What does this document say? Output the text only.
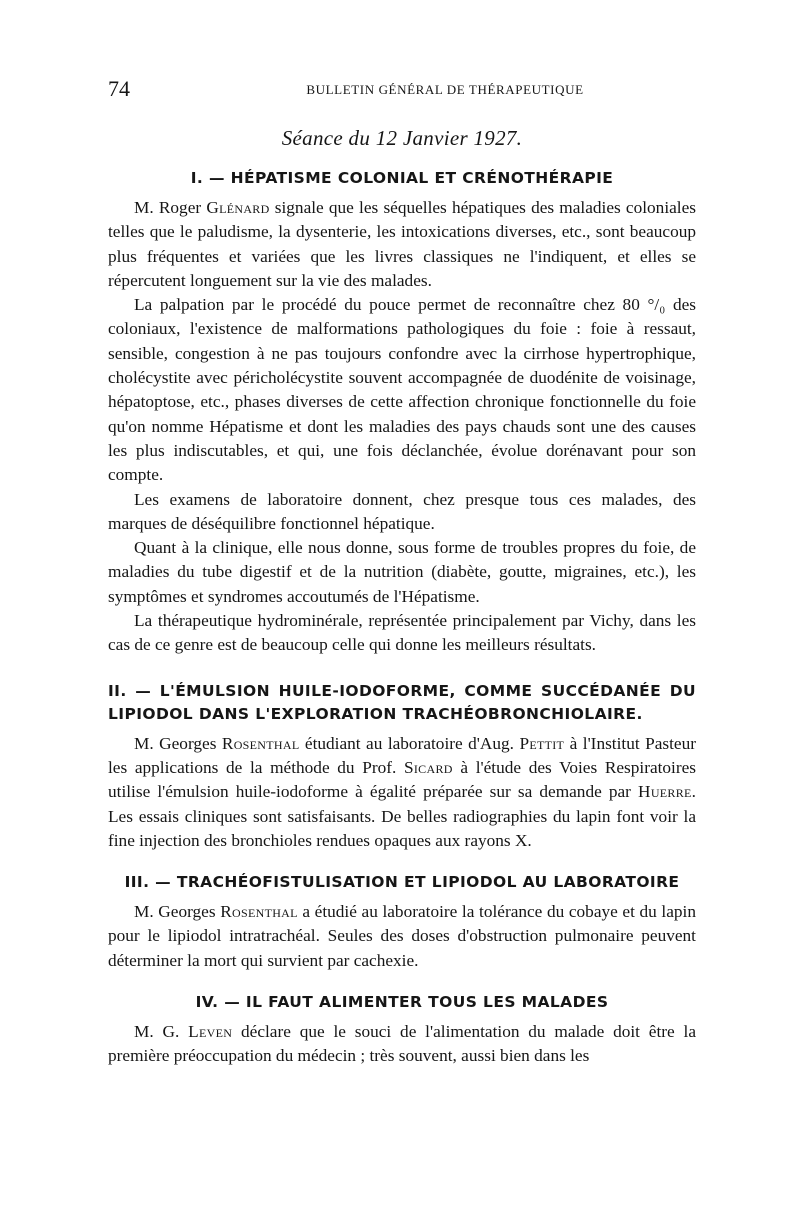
74	BULLETIN GÉNÉRAL DE THÉRAPEUTIQUE
Séance du 12 Janvier 1927.
I. — HÉPATISME COLONIAL ET CRÉNOTHÉRAPIE

M. Roger Glénard signale que les séquelles hépatiques des maladies coloniales telles que le paludisme, la dysenterie, les intoxications diverses, etc., sont beaucoup plus fréquentes et variées que les livres classiques ne l'indiquent, et elles se répercutent longuement sur la vie des malades.

La palpation par le procédé du pouce permet de reconnaître chez 80 °/₀ des coloniaux, l'existence de malformations pathologiques du foie : foie à ressaut, sensible, congestion à ne pas toujours confondre avec la cirrhose hypertrophique, cholécystite avec péricholécystite souvent accompagnée de duodénite de voisinage, hépatoptose, etc., phases diverses de cette affection chronique fonctionnelle du foie qu'on nomme Hépatisme et dont les maladies des pays chauds sont une des causes les plus indiscutables, et qui, une fois déclanchée, évolue dorénavant pour son compte.

Les examens de laboratoire donnent, chez presque tous ces malades, des marques de déséquilibre fonctionnel hépatique.

Quant à la clinique, elle nous donne, sous forme de troubles propres du foie, de maladies du tube digestif et de la nutrition (diabète, goutte, migraines, etc.), les symptômes et syndromes accoutumés de l'Hépatisme.

La thérapeutique hydrominérale, représentée principalement par Vichy, dans les cas de ce genre est de beaucoup celle qui donne les meilleurs résultats.

II. — L'ÉMULSION HUILE-IODOFORME, COMME SUCCÉDANÉE DU LIPIODOL DANS L'EXPLORATION TRACHÉOBRONCHIOLAIRE.

M. Georges Rosenthal étudiant au laboratoire d'Aug. Pettit à l'Institut Pasteur les applications de la méthode du Prof. Sicard à l'étude des Voies Respiratoires utilise l'émulsion huile-iodoforme à égalité préparée sur sa demande par Huerre. Les essais cliniques sont satisfaisants. De belles radiographies du lapin font voir la fine injection des bronchioles rendues opaques aux rayons X.

III. — TRACHÉOFISTULISATION ET LIPIODOL AU LABORATOIRE

M. Georges Rosenthal a étudié au laboratoire la tolérance du cobaye et du lapin pour le lipiodol intratrachéal. Seules des doses d'obstruction pulmonaire peuvent déterminer la mort qui survient par cachexie.

IV. — IL FAUT ALIMENTER TOUS LES MALADES

M. G. Leven déclare que le souci de l'alimentation du malade doit être la première préoccupation du médecin ; très souvent, aussi bien dans les
